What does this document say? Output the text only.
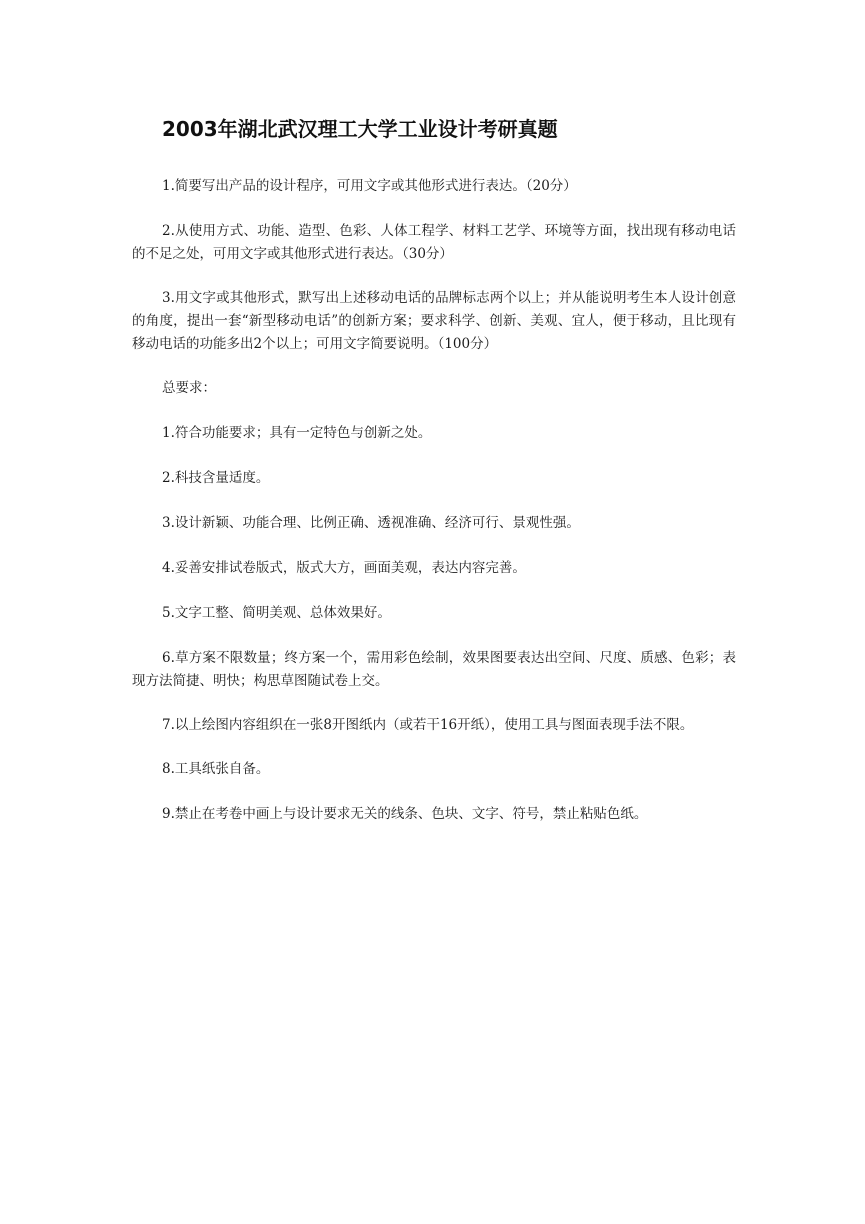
2003年湖北武汉理工大学工业设计考研真题

1.简要写出产品的设计程序，可用文字或其他形式进行表达。（20分）

2.从使用方式、功能、造型、色彩、人体工程学、材料工艺学、环境等方面，找出现有移动电话的不足之处，可用文字或其他形式进行表达。（30分）

3.用文字或其他形式，默写出上述移动电话的品牌标志两个以上；并从能说明考生本人设计创意的角度，提出一套“新型移动电话”的创新方案；要求科学、创新、美观、宜人，便于移动，且比现有移动电话的功能多出2个以上；可用文字简要说明。（100分）

总要求：

1.符合功能要求；具有一定特色与创新之处。

2.科技含量适度。

3.设计新颖、功能合理、比例正确、透视准确、经济可行、景观性强。

4.妥善安排试卷版式，版式大方，画面美观，表达内容完善。

5.文字工整、简明美观、总体效果好。

6.草方案不限数量；终方案一个，需用彩色绘制，效果图要表达出空间、尺度、质感、色彩；表现方法简捷、明快；构思草图随试卷上交。

7.以上绘图内容组织在一张8开图纸内（或若干16开纸），使用工具与图面表现手法不限。

8.工具纸张自备。

9.禁止在考卷中画上与设计要求无关的线条、色块、文字、符号，禁止粘贴色纸。
